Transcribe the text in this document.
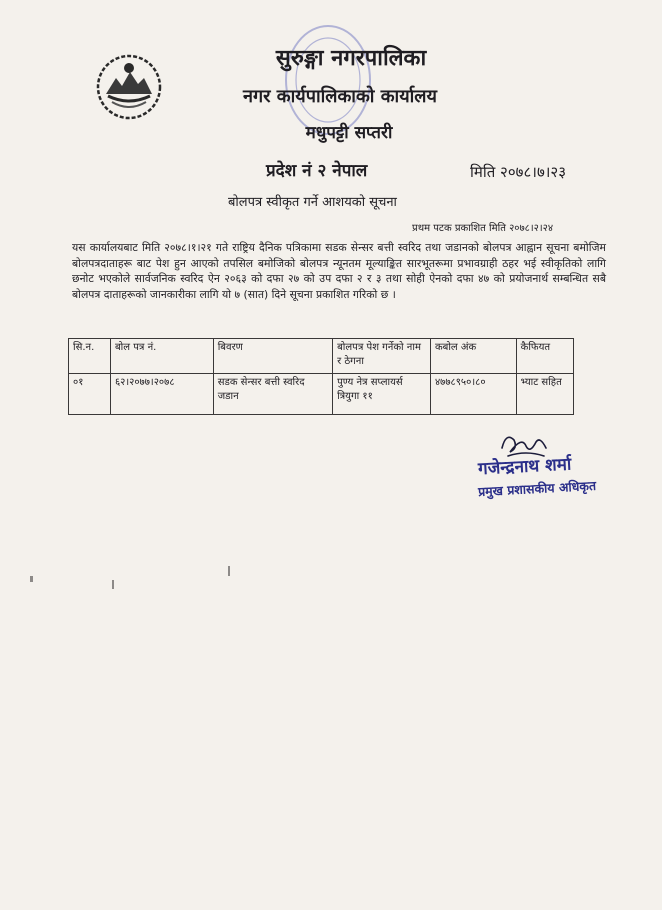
सुरुङ्गा नगरपालिका
नगर कार्यपालिकाको कार्यालय
मधुपट्टी सप्तरी
प्रदेश नं २ नेपाल	मिति २०७८।७।२३
बोलपत्र स्वीकृत गर्ने आशयको सूचना
प्रथम पटक प्रकाशित मिति २०७८।२।२४
यस कार्यालयबाट मिति २०७८।१।२१ गते राष्ट्रिय दैनिक पत्रिकामा सडक सेन्सर बत्ती स्वरिद तथा जडानको बोलपत्र आह्वान सूचना बमोजिम बोलपत्रदाताहरू बाट पेश हुन आएको तपसिल बमोजिको बोलपत्र न्यूनतम मूल्याङ्कित सारभूतरूमा प्रभावग्राही ठहर भई स्वीकृतिको लागि छनोट भएकोले सार्वजनिक स्वरिद ऐन २०६३ को दफा २७ को उप दफा २ र ३ तथा सोही ऐनको दफा ४७ को प्रयोजनार्थ सम्बन्धित सबै बोलपत्र दाताहरूको जानकारीका लागि यो ७ (सात) दिने सूचना प्रकाशित गरिको छ ।
सि.न.	बोल पत्र नं.	बिवरण	बोलपत्र पेश गर्नेको नाम र ठेगना	कबोल अंक	कैफियत
०१	६२।२०७७।२०७८	सडक सेन्सर बत्ती स्वरिद जडान	पुण्य नेत्र सप्लायर्स त्रियुगा ११	४७७८९५०।८०	भ्याट सहित
गजेन्द्रनाथ शर्मा
प्रमुख प्रशासकीय अधिकृत
